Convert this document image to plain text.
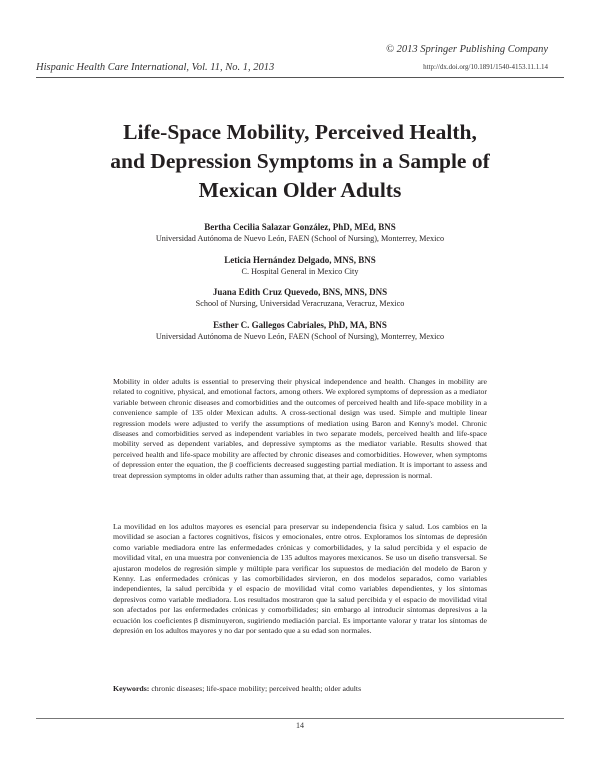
© 2013 Springer Publishing Company
Hispanic Health Care International, Vol. 11, No. 1, 2013	http://dx.doi.org/10.1891/1540-4153.11.1.14
Life-Space Mobility, Perceived Health,
and Depression Symptoms in a Sample of
Mexican Older Adults
Bertha Cecilia Salazar González, PhD, MEd, BNS
Universidad Autónoma de Nuevo León, FAEN (School of Nursing), Monterrey, Mexico
Leticia Hernández Delgado, MNS, BNS
C. Hospital General in Mexico City
Juana Edith Cruz Quevedo, BNS, MNS, DNS
School of Nursing, Universidad Veracruzana, Veracruz, Mexico
Esther C. Gallegos Cabriales, PhD, MA, BNS
Universidad Autónoma de Nuevo León, FAEN (School of Nursing), Monterrey, Mexico

Mobility in older adults is essential to preserving their physical independence and health. Changes in mobility are related to cognitive, physical, and emotional factors, among others. We explored symptoms of depression as a mediator variable between chronic diseases and comorbidities and the outcomes of perceived health and life-space mobility in a convenience sample of 135 older Mexican adults. A cross-sectional design was used. Simple and multiple linear regression models were adjusted to verify the assumptions of mediation using Baron and Kenny's model. Chronic diseases and comorbidities served as independent variables in two separate models, perceived health and life-space mobility served as dependent variables, and depressive symptoms as the mediator variable. Results showed that perceived health and life-space mobility are affected by chronic diseases and comorbidities. However, when symptoms of depression enter the equation, the β coefficients decreased suggesting partial mediation. It is important to assess and treat depression symptoms in older adults rather than assuming that, at their age, depression is normal.

La movilidad en los adultos mayores es esencial para preservar su independencia física y salud. Los cambios en la movilidad se asocian a factores cognitivos, físicos y emocionales, entre otros. Exploramos los síntomas de depresión como variable mediadora entre las enfermedades crónicas y comorbilidades, y la salud percibida y el espacio de movilidad vital, en una muestra por conveniencia de 135 adultos mayores mexicanos. Se uso un diseño transversal. Se ajustaron modelos de regresión simple y múltiple para verificar los supuestos de mediación del modelo de Baron y Kenny. Las enfermedades crónicas y las comorbilidades sirvieron, en dos modelos separados, como variables independientes, la salud percibida y el espacio de movilidad vital como variables dependientes, y los síntomas depresivos como variable mediadora. Los resultados mostraron que la salud percibida y el espacio de movilidad vital son afectados por las enfermedades crónicas y comorbilidades; sin embargo al introducir síntomas depresivos a la ecuación los coeficientes β disminuyeron, sugiriendo mediación parcial. Es importante valorar y tratar los síntomas de depresión en los adultos mayores y no dar por sentado que a su edad son normales.

Keywords: chronic diseases; life-space mobility; perceived health; older adults
14
